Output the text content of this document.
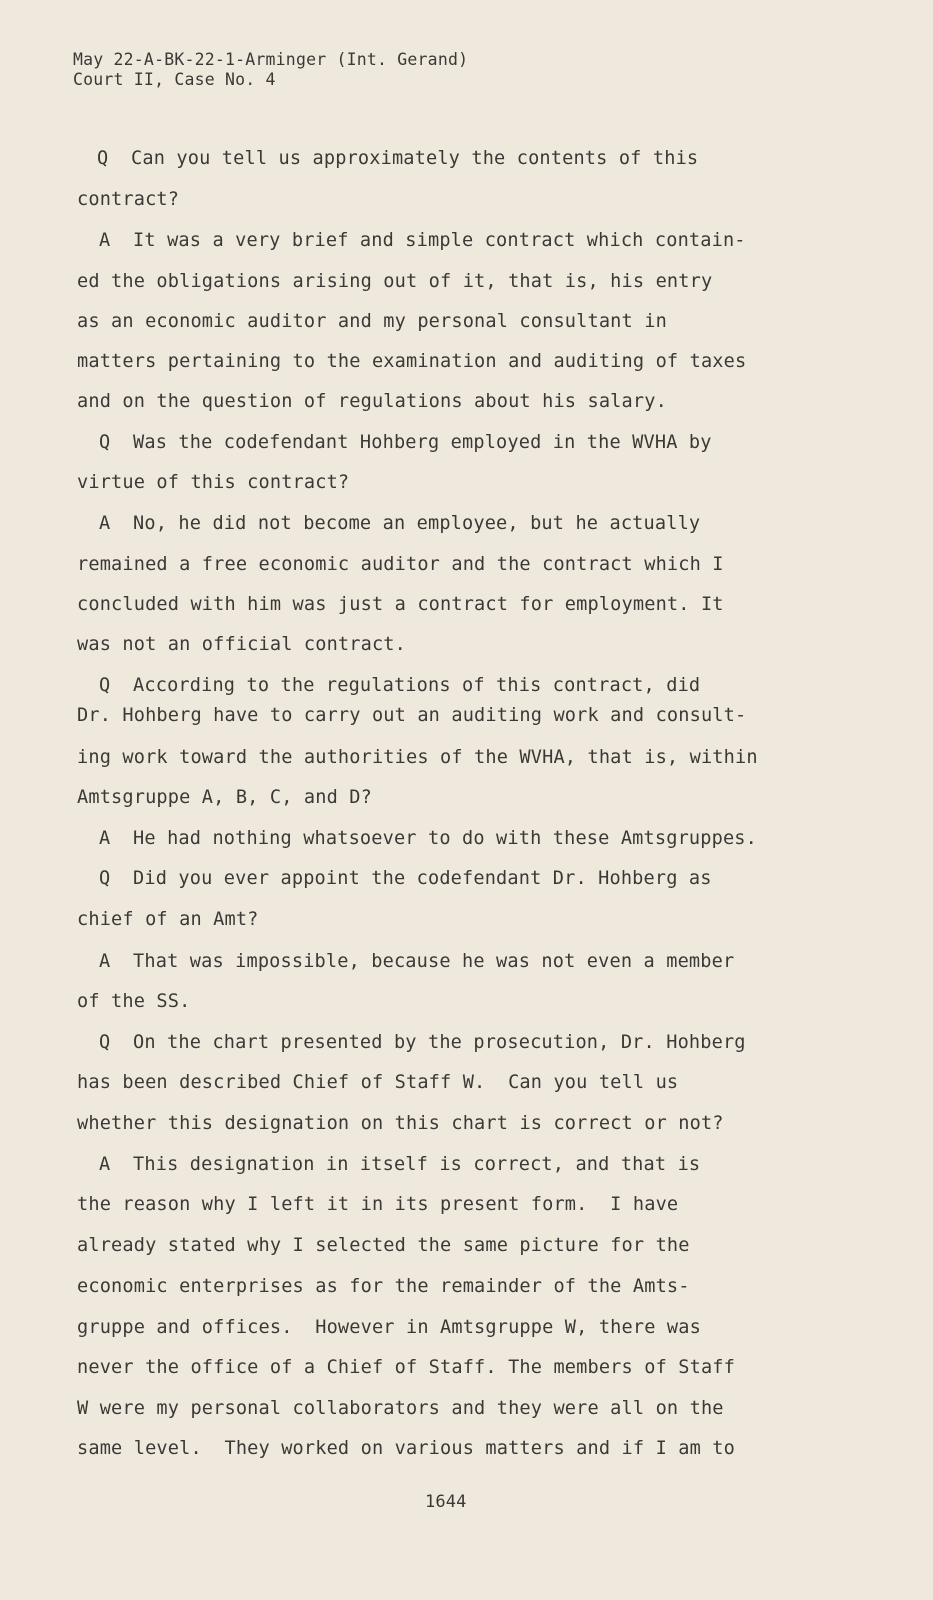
May 22-A-BK-22-1-Arminger (Int. Gerand)
Court II, Case No. 4
Q  Can you tell us approximately the contents of this
contract?
A  It was a very brief and simple contract which contain-
ed the obligations arising out of it, that is, his entry
as an economic auditor and my personal consultant in
matters pertaining to the examination and auditing of taxes
and on the question of regulations about his salary.
Q  Was the codefendant Hohberg employed in the WVHA by
virtue of this contract?
A  No, he did not become an employee, but he actually
remained a free economic auditor and the contract which I
concluded with him was just a contract for employment. It
was not an official contract.
Q  According to the regulations of this contract, did
Dr. Hohberg have to carry out an auditing work and consult-
ing work toward the authorities of the WVHA, that is, within
Amtsgruppe A, B, C, and D?
A  He had nothing whatsoever to do with these Amtsgruppes.
Q  Did you ever appoint the codefendant Dr. Hohberg as
chief of an Amt?
A  That was impossible, because he was not even a member
of the SS.
Q  On the chart presented by the prosecution, Dr. Hohberg
has been described Chief of Staff W.  Can you tell us
whether this designation on this chart is correct or not?
A  This designation in itself is correct, and that is
the reason why I left it in its present form.  I have
already stated why I selected the same picture for the
economic enterprises as for the remainder of the Amts-
gruppe and offices.  However in Amtsgruppe W, there was
never the office of a Chief of Staff. The members of Staff
W were my personal collaborators and they were all on the
same level.  They worked on various matters and if I am to
1644
